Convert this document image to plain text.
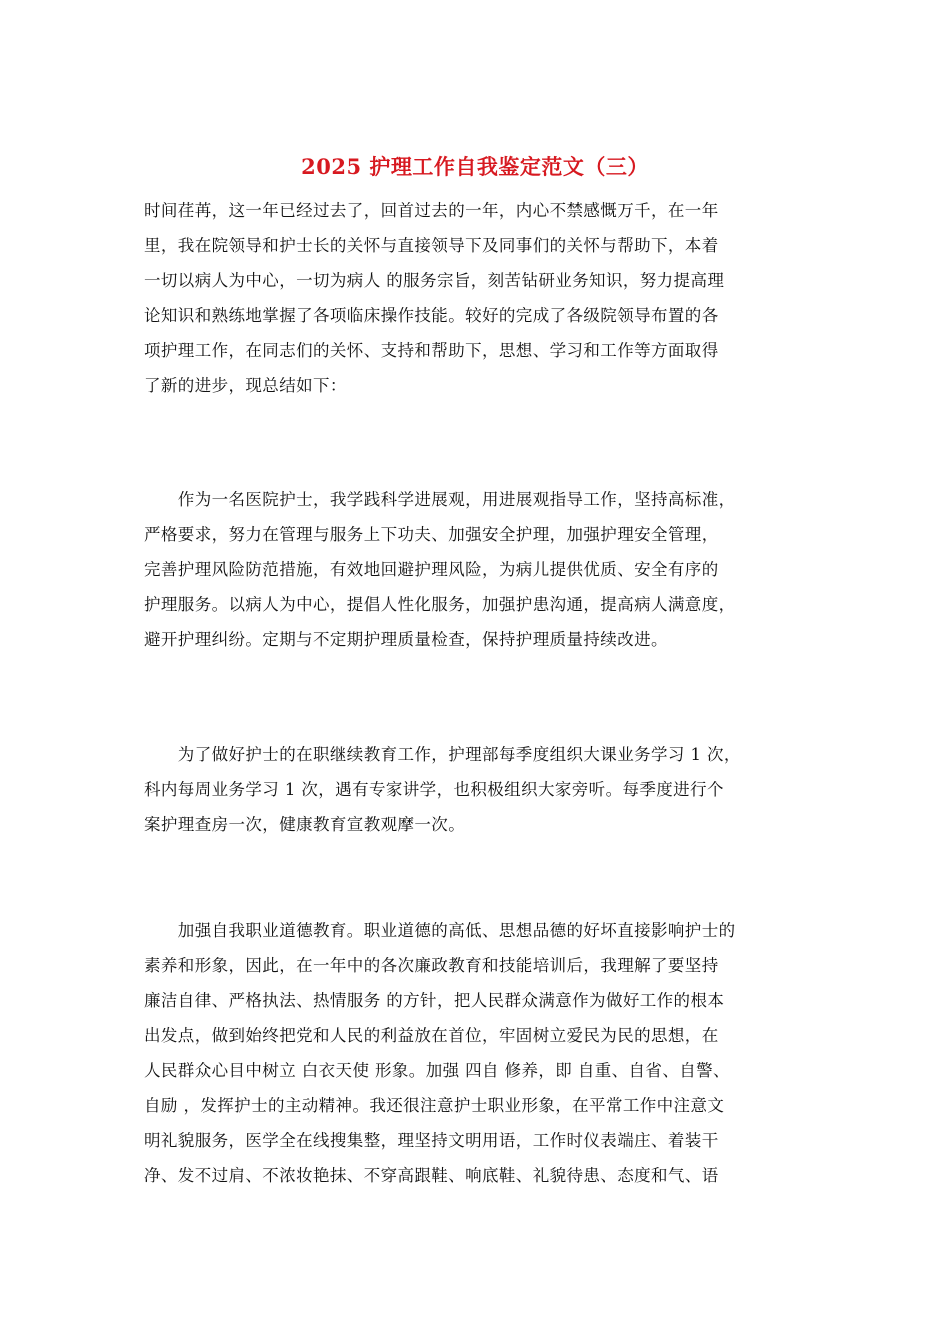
2025 护理工作自我鉴定范文（三）
时间荏苒，这一年已经过去了，回首过去的一年，内心不禁感慨万千，在一年
里，我在院领导和护士长的关怀与直接领导下及同事们的关怀与帮助下，本着
一切以病人为中心，一切为病人 的服务宗旨，刻苦钻研业务知识，努力提高理
论知识和熟练地掌握了各项临床操作技能。较好的完成了各级院领导布置的各
项护理工作，在同志们的关怀、支持和帮助下，思想、学习和工作等方面取得
了新的进步，现总结如下：
　　作为一名医院护士，我学践科学进展观，用进展观指导工作，坚持高标准，
严格要求，努力在管理与服务上下功夫、加强安全护理，加强护理安全管理，
完善护理风险防范措施，有效地回避护理风险，为病儿提供优质、安全有序的
护理服务。以病人为中心，提倡人性化服务，加强护患沟通，提高病人满意度，
避开护理纠纷。定期与不定期护理质量检查，保持护理质量持续改进。
　　为了做好护士的在职继续教育工作，护理部每季度组织大课业务学习 1 次，
科内每周业务学习 1 次，遇有专家讲学，也积极组织大家旁听。每季度进行个
案护理查房一次，健康教育宣教观摩一次。
　　加强自我职业道德教育。职业道德的高低、思想品德的好坏直接影响护士的
素养和形象，因此，在一年中的各次廉政教育和技能培训后，我理解了要坚持
廉洁自律、严格执法、热情服务 的方针，把人民群众满意作为做好工作的根本
出发点，做到始终把党和人民的利益放在首位，牢固树立爱民为民的思想，在
人民群众心目中树立 白衣天使 形象。加强 四自 修养，即 自重、自省、自警、
自励 ，发挥护士的主动精神。我还很注意护士职业形象，在平常工作中注意文
明礼貌服务，医学全在线搜集整，理坚持文明用语，工作时仪表端庄、着装干
净、发不过肩、不浓妆艳抹、不穿高跟鞋、响底鞋、礼貌待患、态度和气、语
